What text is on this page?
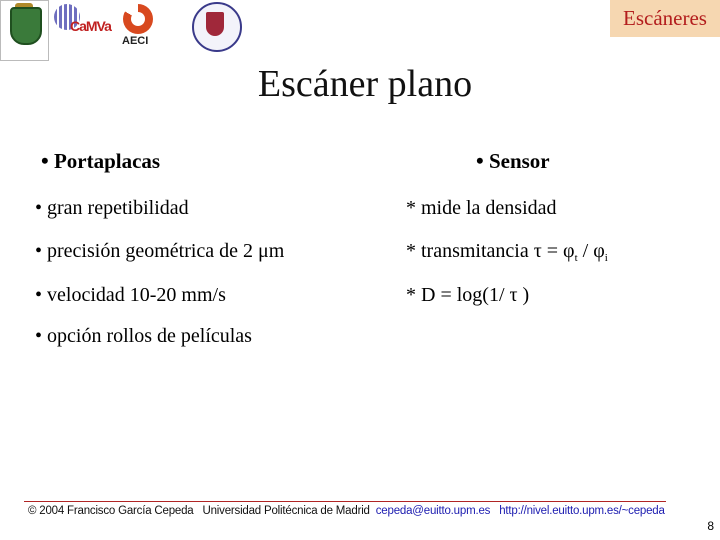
CaMVa
AECI
Escáneres
Escáner plano
• Portaplacas	• Sensor
• gran repetibilidad
• precisión geométrica de 2 μm
• velocidad 10-20 mm/s
• opción rollos de películas
* mide la densidad
* transmitancia $\tau = \varphi_t / \varphi_i$
* D = log(1/ τ )
© 2004 Francisco García Cepeda Universidad Politécnica de Madrid cepeda@euitto.upm.es http://nivel.euitto.upm.es/~cepeda
8
